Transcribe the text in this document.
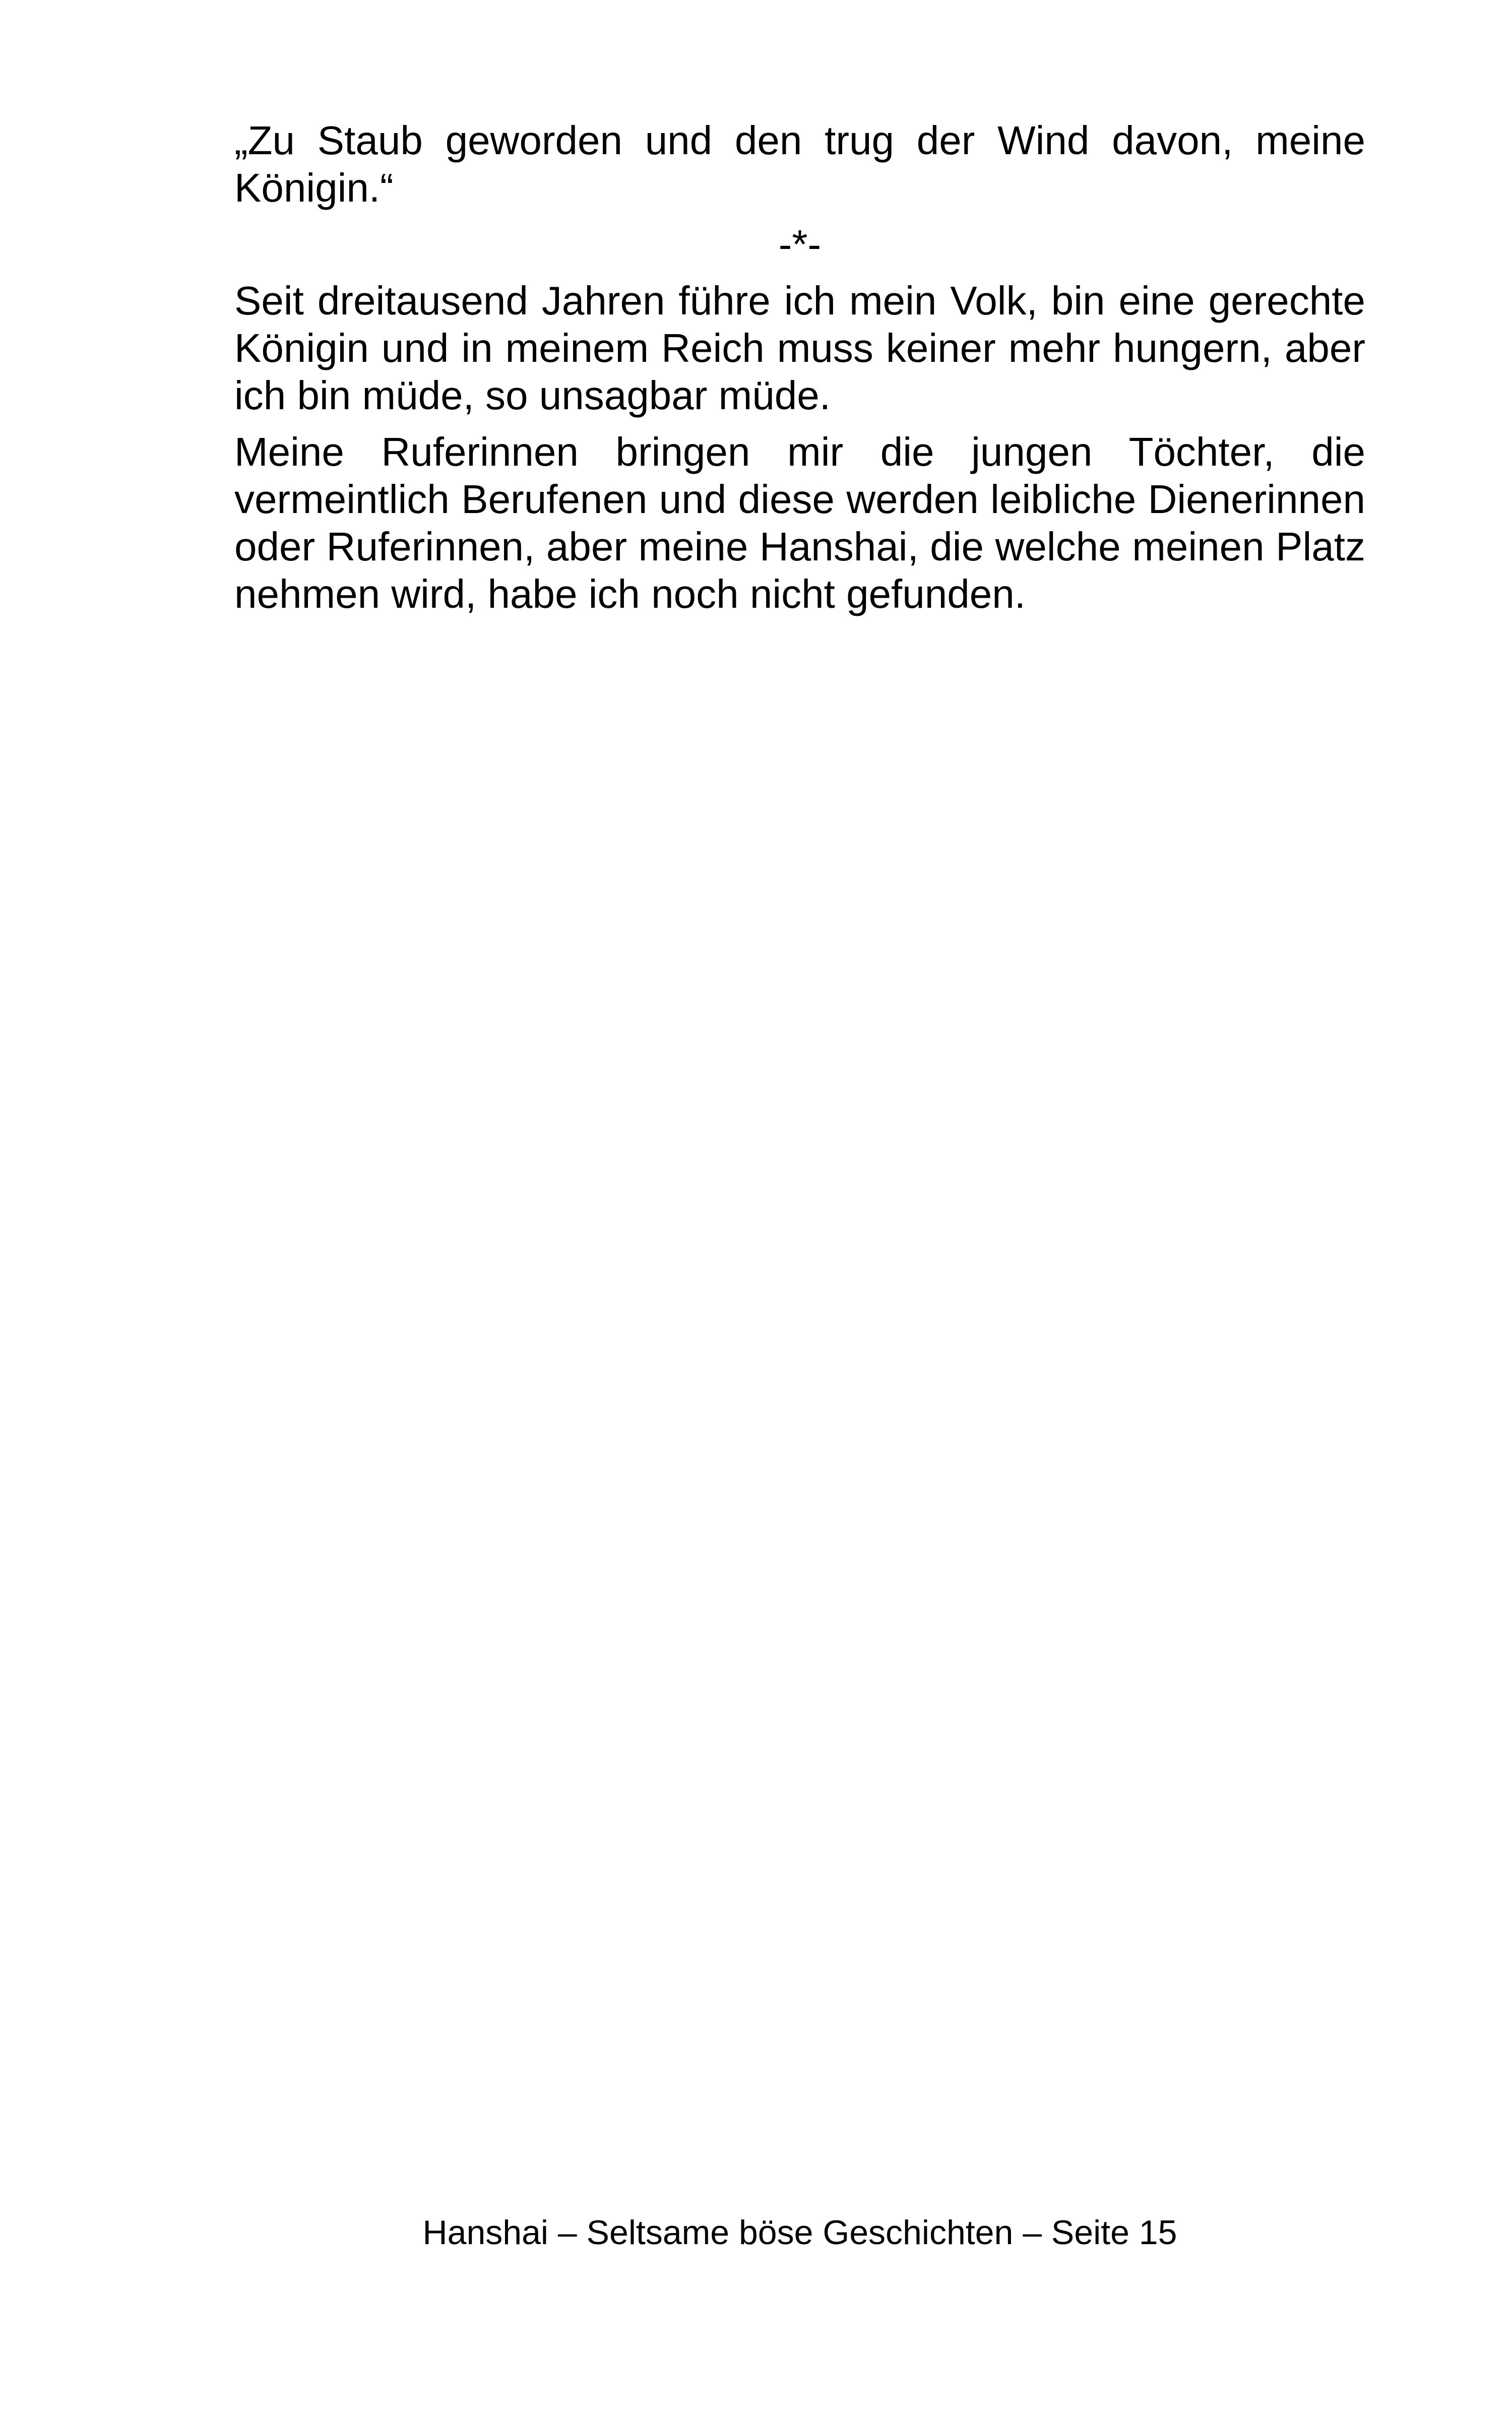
„Zu Staub geworden und den trug der Wind davon, meine Königin.“

-*-

Seit dreitausend Jahren führe ich mein Volk, bin eine gerechte Königin und in meinem Reich muss keiner mehr hungern, aber ich bin müde, so unsagbar müde.

Meine Ruferinnen bringen mir die jungen Töchter, die vermeintlich Berufenen und diese werden leibliche Dienerinnen oder Ruferinnen, aber meine Hanshai, die welche meinen Platz nehmen wird, habe ich noch nicht gefunden.

Hanshai – Seltsame böse Geschichten – Seite 15
